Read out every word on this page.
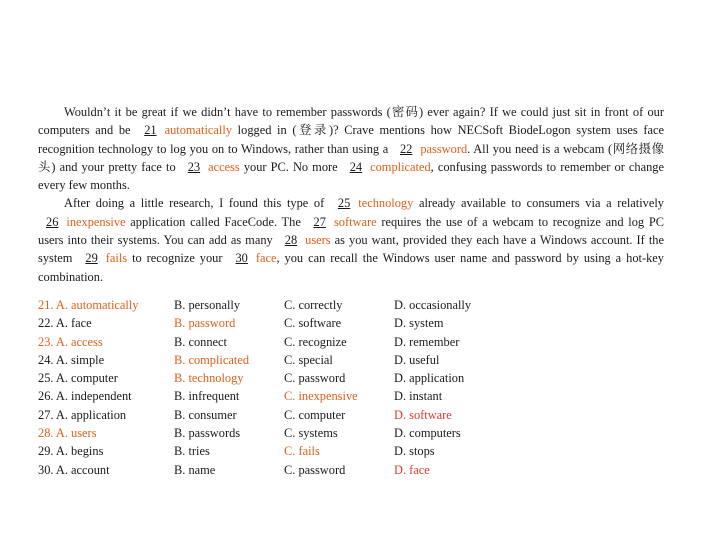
Wouldn’t it be great if we didn’t have to remember passwords (密码) ever again? If we could just sit in front of our computers and be 21 automatically logged in (登录)? Crave mentions how NECSoft BiodeLogon system uses face recognition technology to log you on to Windows, rather than using a 22 password. All you need is a webcam (网络摄像头) and your pretty face to 23 access your PC. No more 24 complicated, confusing passwords to remember or change every few months.

After doing a little research, I found this type of 25 technology already available to consumers via a relatively 26 inexpensive application called FaceCode. The 27 software requires the use of a webcam to recognize and log PC users into their systems. You can add as many 28 users as you want, provided they each have a Windows account. If the system 29 fails to recognize your 30 face, you can recall the Windows user name and password by using a hot-key combination.

21. A. automatically	B. personally	C. correctly	D. occasionally
22. A. face	B. password	C. software	D. system
23. A. access	B. connect	C. recognize	D. remember
24. A. simple	B. complicated	C. special	D. useful
25. A. computer	B. technology	C. password	D. application
26. A. independent	B. infrequent	C. inexpensive	D. instant
27. A. application	B. consumer	C. computer	D. software
28. A. users	B. passwords	C. systems	D. computers
29. A. begins	B. tries	C. fails	D. stops
30. A. account	B. name	C. password	D. face
